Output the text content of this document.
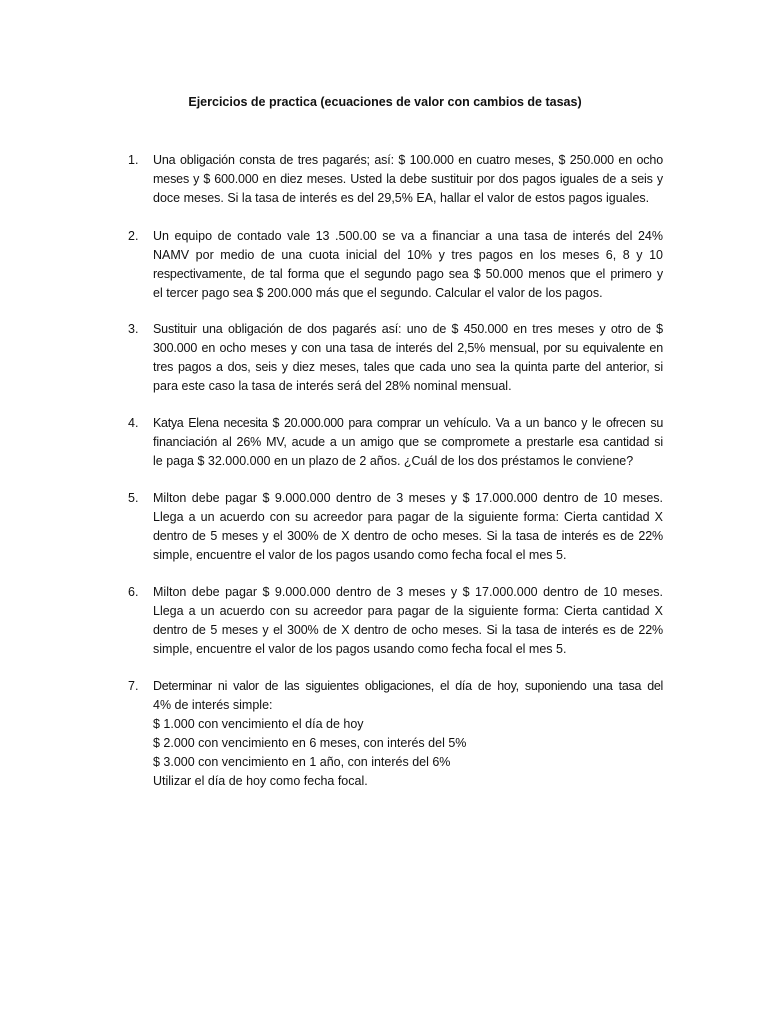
Ejercicios de practica (ecuaciones de valor con cambios de tasas)
1.	Una obligación consta de tres pagarés; así: $ 100.000 en cuatro meses, $ 250.000 en ocho
meses y $ 600.000 en diez meses. Usted la debe sustituir por dos pagos iguales de a seis y
doce meses. Si la tasa de interés es del 29,5% EA, hallar el valor de estos pagos iguales.
2.	Un equipo de contado vale 13 .500.00 se va a financiar a una tasa de interés del 24%
NAMV por medio de una cuota inicial del 10% y tres pagos en los meses 6, 8 y 10
respectivamente, de tal forma que el segundo pago sea $ 50.000 menos que el primero y
el tercer pago sea $ 200.000 más que el segundo. Calcular el valor de los pagos.
3.	Sustituir una obligación de dos pagarés así: uno de $ 450.000 en tres meses y otro de $
300.000 en ocho meses y con una tasa de interés del 2,5% mensual, por su equivalente en
tres pagos a dos, seis y diez meses, tales que cada uno sea la quinta parte del anterior, si
para este caso la tasa de interés será del 28% nominal mensual.
4.	Katya Elena necesita $ 20.000.000 para comprar un vehículo. Va a un banco y le ofrecen su
financiación al 26% MV, acude a un amigo que se compromete a prestarle esa cantidad si
le paga $ 32.000.000 en un plazo de 2 años. ¿Cuál de los dos préstamos le conviene?
5.	Milton debe pagar $ 9.000.000 dentro de 3 meses y $ 17.000.000 dentro de 10 meses.
Llega a un acuerdo con su acreedor para pagar de la siguiente forma: Cierta cantidad X
dentro de 5 meses y el 300% de X dentro de ocho meses. Si la tasa de interés es de 22%
simple, encuentre el valor de los pagos usando como fecha focal el mes 5.
6.	Milton debe pagar $ 9.000.000 dentro de 3 meses y $ 17.000.000 dentro de 10 meses.
Llega a un acuerdo con su acreedor para pagar de la siguiente forma: Cierta cantidad X
dentro de 5 meses y el 300% de X dentro de ocho meses. Si la tasa de interés es de 22%
simple, encuentre el valor de los pagos usando como fecha focal el mes 5.
7.	Determinar ni valor de las siguientes obligaciones, el día de hoy, suponiendo una tasa del
4% de interés simple:
$ 1.000 con vencimiento el día de hoy
$ 2.000 con vencimiento en 6 meses, con interés del 5%
$ 3.000 con vencimiento en 1 año, con interés del 6%
Utilizar el día de hoy como fecha focal.
